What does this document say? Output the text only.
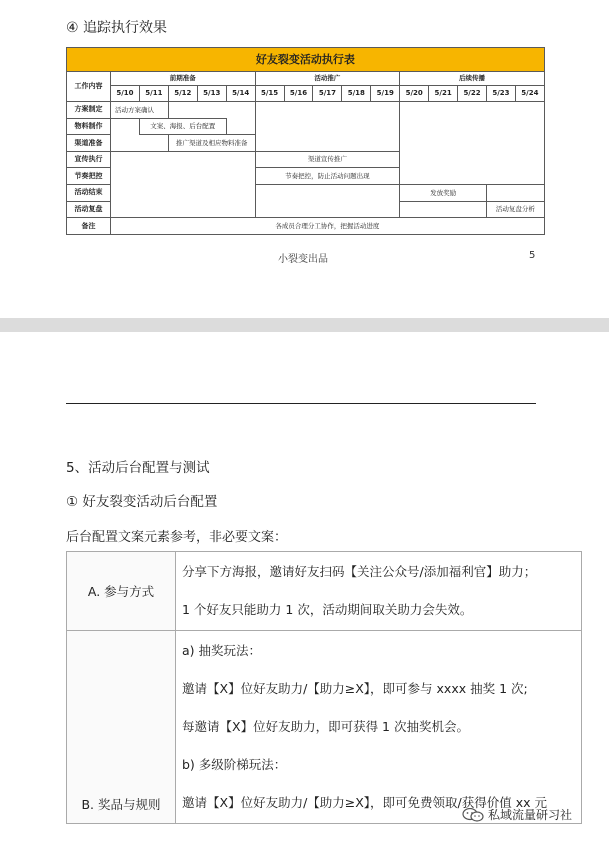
④ 追踪执行效果
好友裂变活动执行表															
工作内容	前期准备					活动推广					后续传播				
	5/10	5/11	5/12	5/13	5/14	5/15	5/16	5/17	5/18	5/19	5/20	5/21	5/22	5/23	5/24
方案制定	活动方案确认														
物料制作		文案、海报、后台配置													
渠道准备			推广渠道及相应物料准备												
宣传执行						渠道宣传推广									
节奏把控						节奏把控，防止活动问题出现									
活动结束											发放奖励				
活动复盘														活动复盘分析	
备注	各成员合理分工协作，把握活动进度														
小裂变出品	5
5、活动后台配置与测试
① 好友裂变活动后台配置
后台配置文案元素参考，非必要文案：
A. 参与方式	分享下方海报，邀请好友扫码【关注公众号/添加福利官】助力；
1 个好友只能助力 1 次，活动期间取关助力会失效。

B. 奖品与规则	a) 抽奖玩法：
邀请【X】位好友助力/【助力≥X】，即可参与 xxxx 抽奖 1 次;
每邀请【X】位好友助力，即可获得 1 次抽奖机会。
b) 多级阶梯玩法：
邀请【X】位好友助力/【助力≥X】，即可免费领取/获得价值 xx 元
私域流量研习社
